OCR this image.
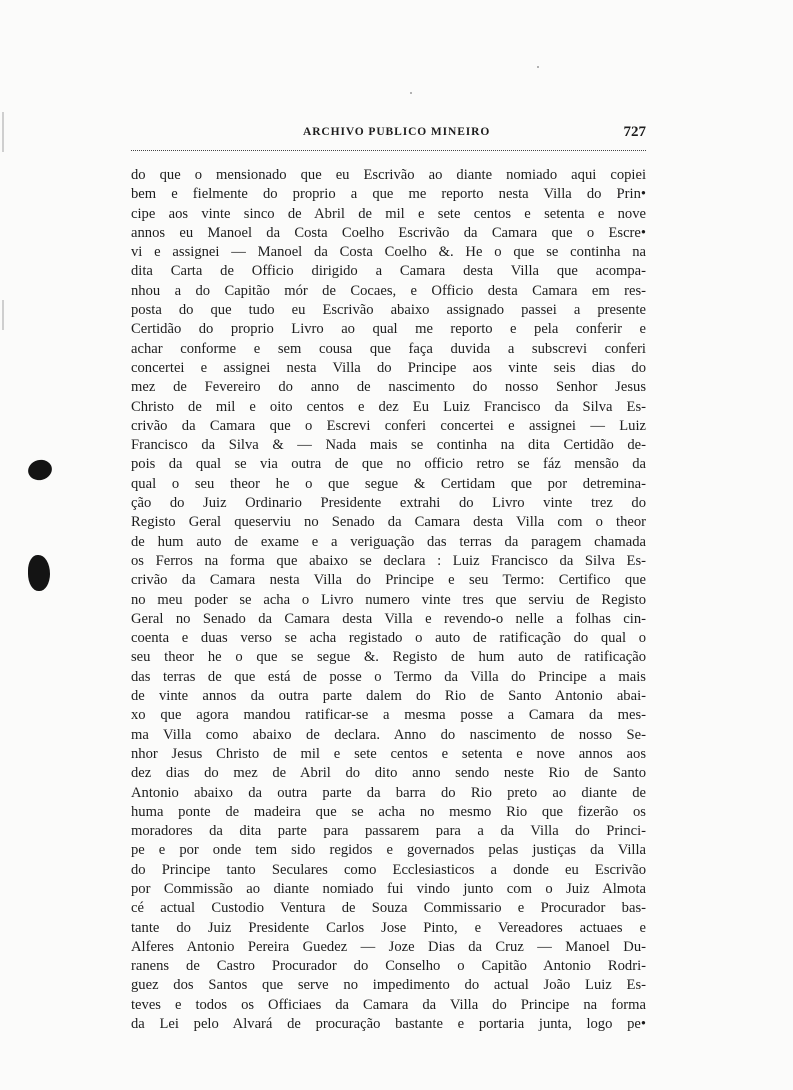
ARCHIVO PUBLICO MINEIRO	727
do que o mensionado que eu Escrivão ao diante nomiado aqui copiei
bem e fielmente do proprio a que me reporto nesta Villa do Prin•
cipe aos vinte sinco de Abril de mil e sete centos e setenta e nove
annos eu Manoel da Costa Coelho Escrivão da Camara que o Escre•
vi e assignei — Manoel da Costa Coelho &. He o que se continha na
dita Carta de Officio dirigido a Camara desta Villa que acompa-
nhou a do Capitão mór de Cocaes, e Officio desta Camara em res-
posta do que tudo eu Escrivão abaixo assignado passei a presente
Certidão do proprio Livro ao qual me reporto e pela conferir e
achar conforme e sem cousa que faça duvida a subscrevi conferi
concertei e assignei nesta Villa do Principe aos vinte seis dias do
mez de Fevereiro do anno de nascimento do nosso Senhor Jesus
Christo de mil e oito centos e dez Eu Luiz Francisco da Silva Es-
crivão da Camara que o Escrevi conferi concertei e assignei — Luiz
Francisco da Silva & — Nada mais se continha na dita Certidão de-
pois da qual se via outra de que no officio retro se fáz mensão da
qual o seu theor he o que segue & Certidam que por detremina-
ção do Juiz Ordinario Presidente extrahi do Livro vinte trez do
Registo Geral queserviu no Senado da Camara desta Villa com o theor
de hum auto de exame e a veriguação das terras da paragem chamada
os Ferros na forma que abaixo se declara : Luiz Francisco da Silva Es-
crivão da Camara nesta Villa do Principe e seu Termo: Certifico que
no meu poder se acha o Livro numero vinte tres que serviu de Registo
Geral no Senado da Camara desta Villa e revendo-o nelle a folhas cin-
coenta e duas verso se acha registado o auto de ratificação do qual o
seu theor he o que se segue &. Registo de hum auto de ratificação
das terras de que está de posse o Termo da Villa do Principe a mais
de vinte annos da outra parte dalem do Rio de Santo Antonio abai-
xo que agora mandou ratificar-se a mesma posse a Camara da mes-
ma Villa como abaixo de declara. Anno do nascimento de nosso Se-
nhor Jesus Christo de mil e sete centos e setenta e nove annos aos
dez dias do mez de Abril do dito anno sendo neste Rio de Santo
Antonio abaixo da outra parte da barra do Rio preto ao diante de
huma ponte de madeira que se acha no mesmo Rio que fizerão os
moradores da dita parte para passarem para a da Villa do Princi-
pe e por onde tem sido regidos e governados pelas justiças da Villa
do Principe tanto Seculares como Ecclesiasticos a donde eu Escrivão
por Commissão ao diante nomiado fui vindo junto com o Juiz Almota
cé actual Custodio Ventura de Souza Commissario e Procurador bas-
tante do Juiz Presidente Carlos Jose Pinto, e Vereadores actuaes e
Alferes Antonio Pereira Guedez — Joze Dias da Cruz — Manoel Du-
ranens de Castro Procurador do Conselho o Capitão Antonio Rodri-
guez dos Santos que serve no impedimento do actual João Luiz Es-
teves e todos os Officiaes da Camara da Villa do Principe na forma
da Lei pelo Alvará de procuração bastante e portaria junta, logo pe•
